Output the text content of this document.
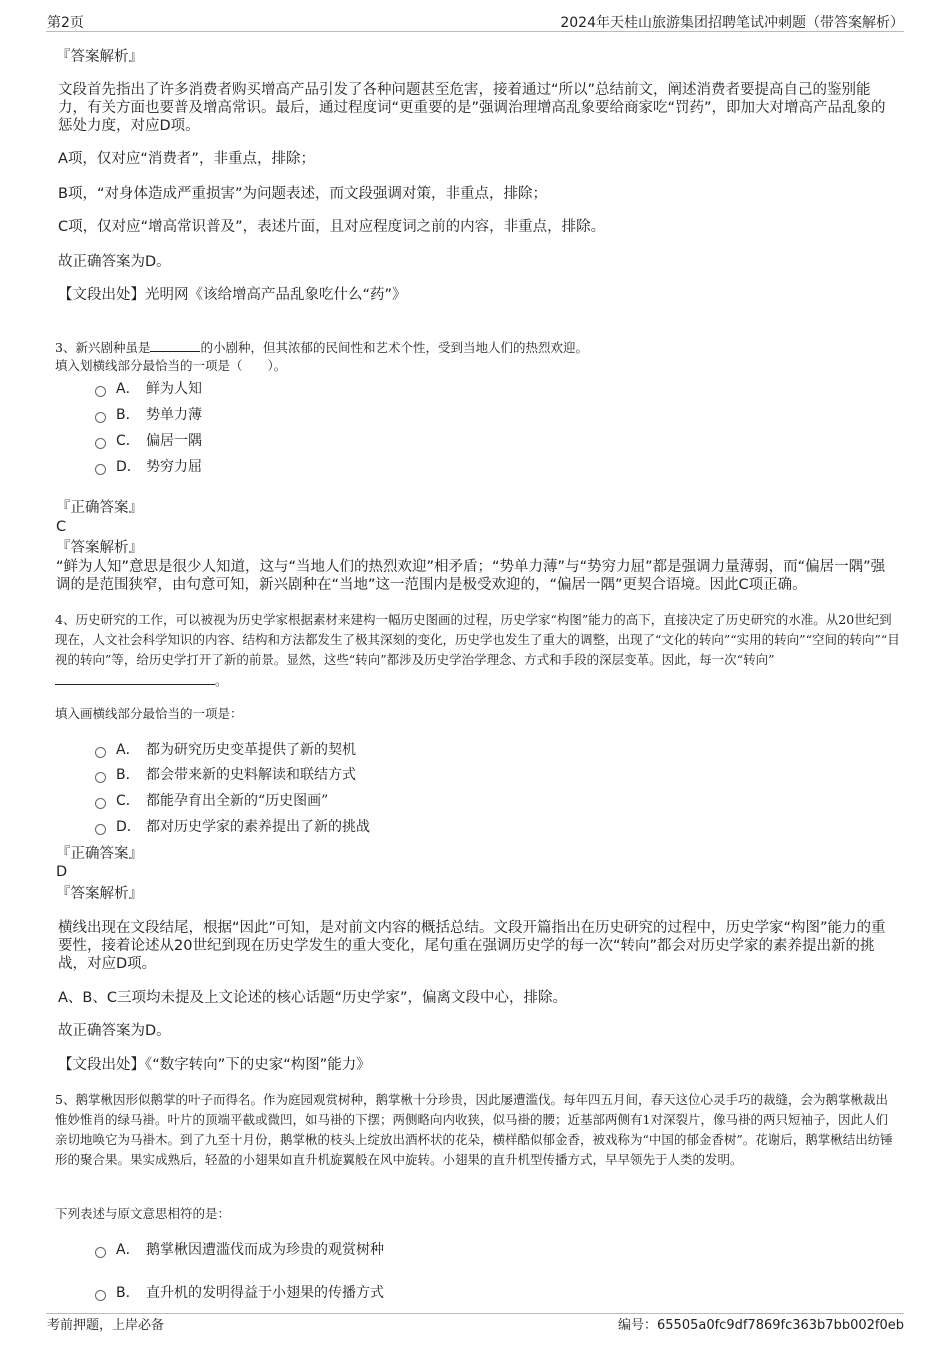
第2页	2024年天桂山旅游集团招聘笔试冲刺题（带答案解析）
『答案解析』
文段首先指出了许多消费者购买增高产品引发了各种问题甚至危害，接着通过“所以”总结前文，阐述消费者要提高自己的鉴别能力，有关方面也要普及增高常识。最后，通过程度词“更重要的是”强调治理增高乱象要给商家吃“罚药”，即加大对增高产品乱象的惩处力度，对应D项。
A项，仅对应“消费者”，非重点，排除；
B项，“对身体造成严重损害”为问题表述，而文段强调对策，非重点，排除；
C项，仅对应“增高常识普及”，表述片面，且对应程度词之前的内容，非重点，排除。
故正确答案为D。
【文段出处】光明网《该给增高产品乱象吃什么“药”》
3、新兴剧种虽是	的小剧种，但其浓郁的民间性和艺术个性，受到当地人们的热烈欢迎。
填入划横线部分最恰当的一项是（　　）。
A． 鲜为人知
B． 势单力薄
C． 偏居一隅
D． 势穷力屈
『正确答案』
C
『答案解析』
“鲜为人知”意思是很少人知道，这与“当地人们的热烈欢迎”相矛盾；“势单力薄”与“势穷力屈”都是强调力量薄弱，而“偏居一隅”强调的是范围狭窄，由句意可知，新兴剧种在“当地”这一范围内是极受欢迎的，“偏居一隅”更契合语境。因此C项正确。
4、历史研究的工作，可以被视为历史学家根据素材来建构一幅历史图画的过程，历史学家“构图”能力的高下，直接决定了历史研究的水准。从20世纪到现在，人文社会科学知识的内容、结构和方法都发生了极其深刻的变化，历史学也发生了重大的调整，出现了“文化的转向”“实用的转向”“空间的转向”“目视的转向”等，给历史学打开了新的前景。显然，这些“转向”都涉及历史学治学理念、方式和手段的深层变革。因此，每一次“转向”。
填入画横线部分最恰当的一项是：
A． 都为研究历史变革提供了新的契机
B． 都会带来新的史料解读和联结方式
C． 都能孕育出全新的“历史图画”
D． 都对历史学家的素养提出了新的挑战
『正确答案』
D
『答案解析』
横线出现在文段结尾，根据“因此”可知，是对前文内容的概括总结。文段开篇指出在历史研究的过程中，历史学家“构图”能力的重要性，接着论述从20世纪到现在历史学发生的重大变化，尾句重在强调历史学的每一次“转向”都会对历史学家的素养提出新的挑战，对应D项。
A、B、C三项均未提及上文论述的核心话题“历史学家”，偏离文段中心，排除。
故正确答案为D。
【文段出处】《“数字转向”下的史家“构图”能力》
5、鹅掌楸因形似鹅掌的叶子而得名。作为庭园观赏树种，鹅掌楸十分珍贵，因此屡遭滥伐。每年四五月间，春天这位心灵手巧的裁缝，会为鹅掌楸裁出惟妙惟肖的绿马褂。叶片的顶端平截或微凹，如马褂的下摆；两侧略向内收狭，似马褂的腰；近基部两侧有1对深裂片，像马褂的两只短袖子，因此人们亲切地唤它为马褂木。到了九至十月份，鹅掌楸的枝头上绽放出酒杯状的花朵，横样酷似郁金香，被戏称为“中国的郁金香树”。花谢后，鹅掌楸结出纺锤形的聚合果。果实成熟后，轻盈的小翅果如直升机旋翼般在风中旋转。小翅果的直升机型传播方式，早早领先于人类的发明。
下列表述与原文意思相符的是：
A． 鹅掌楸因遭滥伐而成为珍贵的观赏树种
B． 直升机的发明得益于小翅果的传播方式
考前押题，上岸必备	编号：65505a0fc9df7869fc363b7bb002f0eb
